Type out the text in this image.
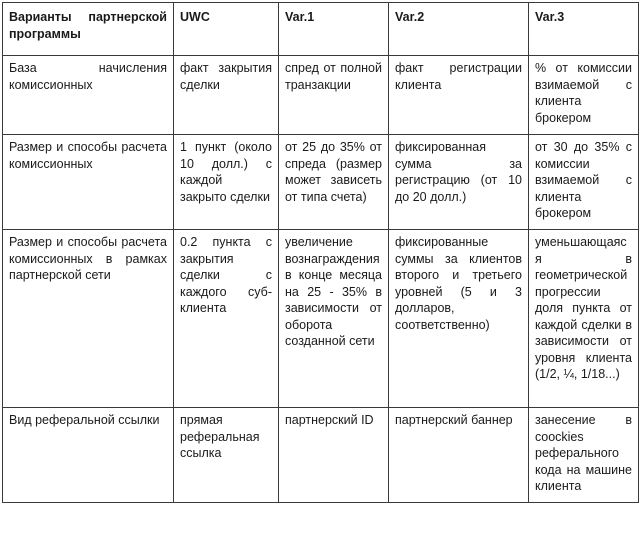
Варианты партнерской программы	UWC	Var.1	Var.2	Var.3
База начисления комиссионных	факт закрытия сделки	спред от полной транзакции	факт регистрации клиента	% от комиссии взимаемой с клиента брокером
Размер и способы расчета комиссионных	1 пункт (около 10 долл.) с каждой закрыто сделки	от 25 до 35% от спреда (размер может зависеть от типа счета)	фиксированная сумма за регистрацию (от 10 до 20 долл.)	от 30 до 35% с комиссии взимаемой с клиента брокером
Размер и способы расчета комиссионных в рамках партнерской сети	0.2 пункта с закрытия сделки с каждого суб-клиента	увеличение вознаграждения в конце месяца на 25 - 35% в зависимости от оборота созданной сети	фиксированные суммы за клиентов второго и третьего уровней (5 и 3 долларов, соответственно)	уменьшающаяся в геометрической прогрессии доля пункта от каждой сделки в зависимости от уровня клиента (1/2, ¼, 1/18...)
Вид реферальной ссылки	прямая реферальная ссылка	партнерский ID	партнерский баннер	занесение в coockies реферального кода на машине клиента
